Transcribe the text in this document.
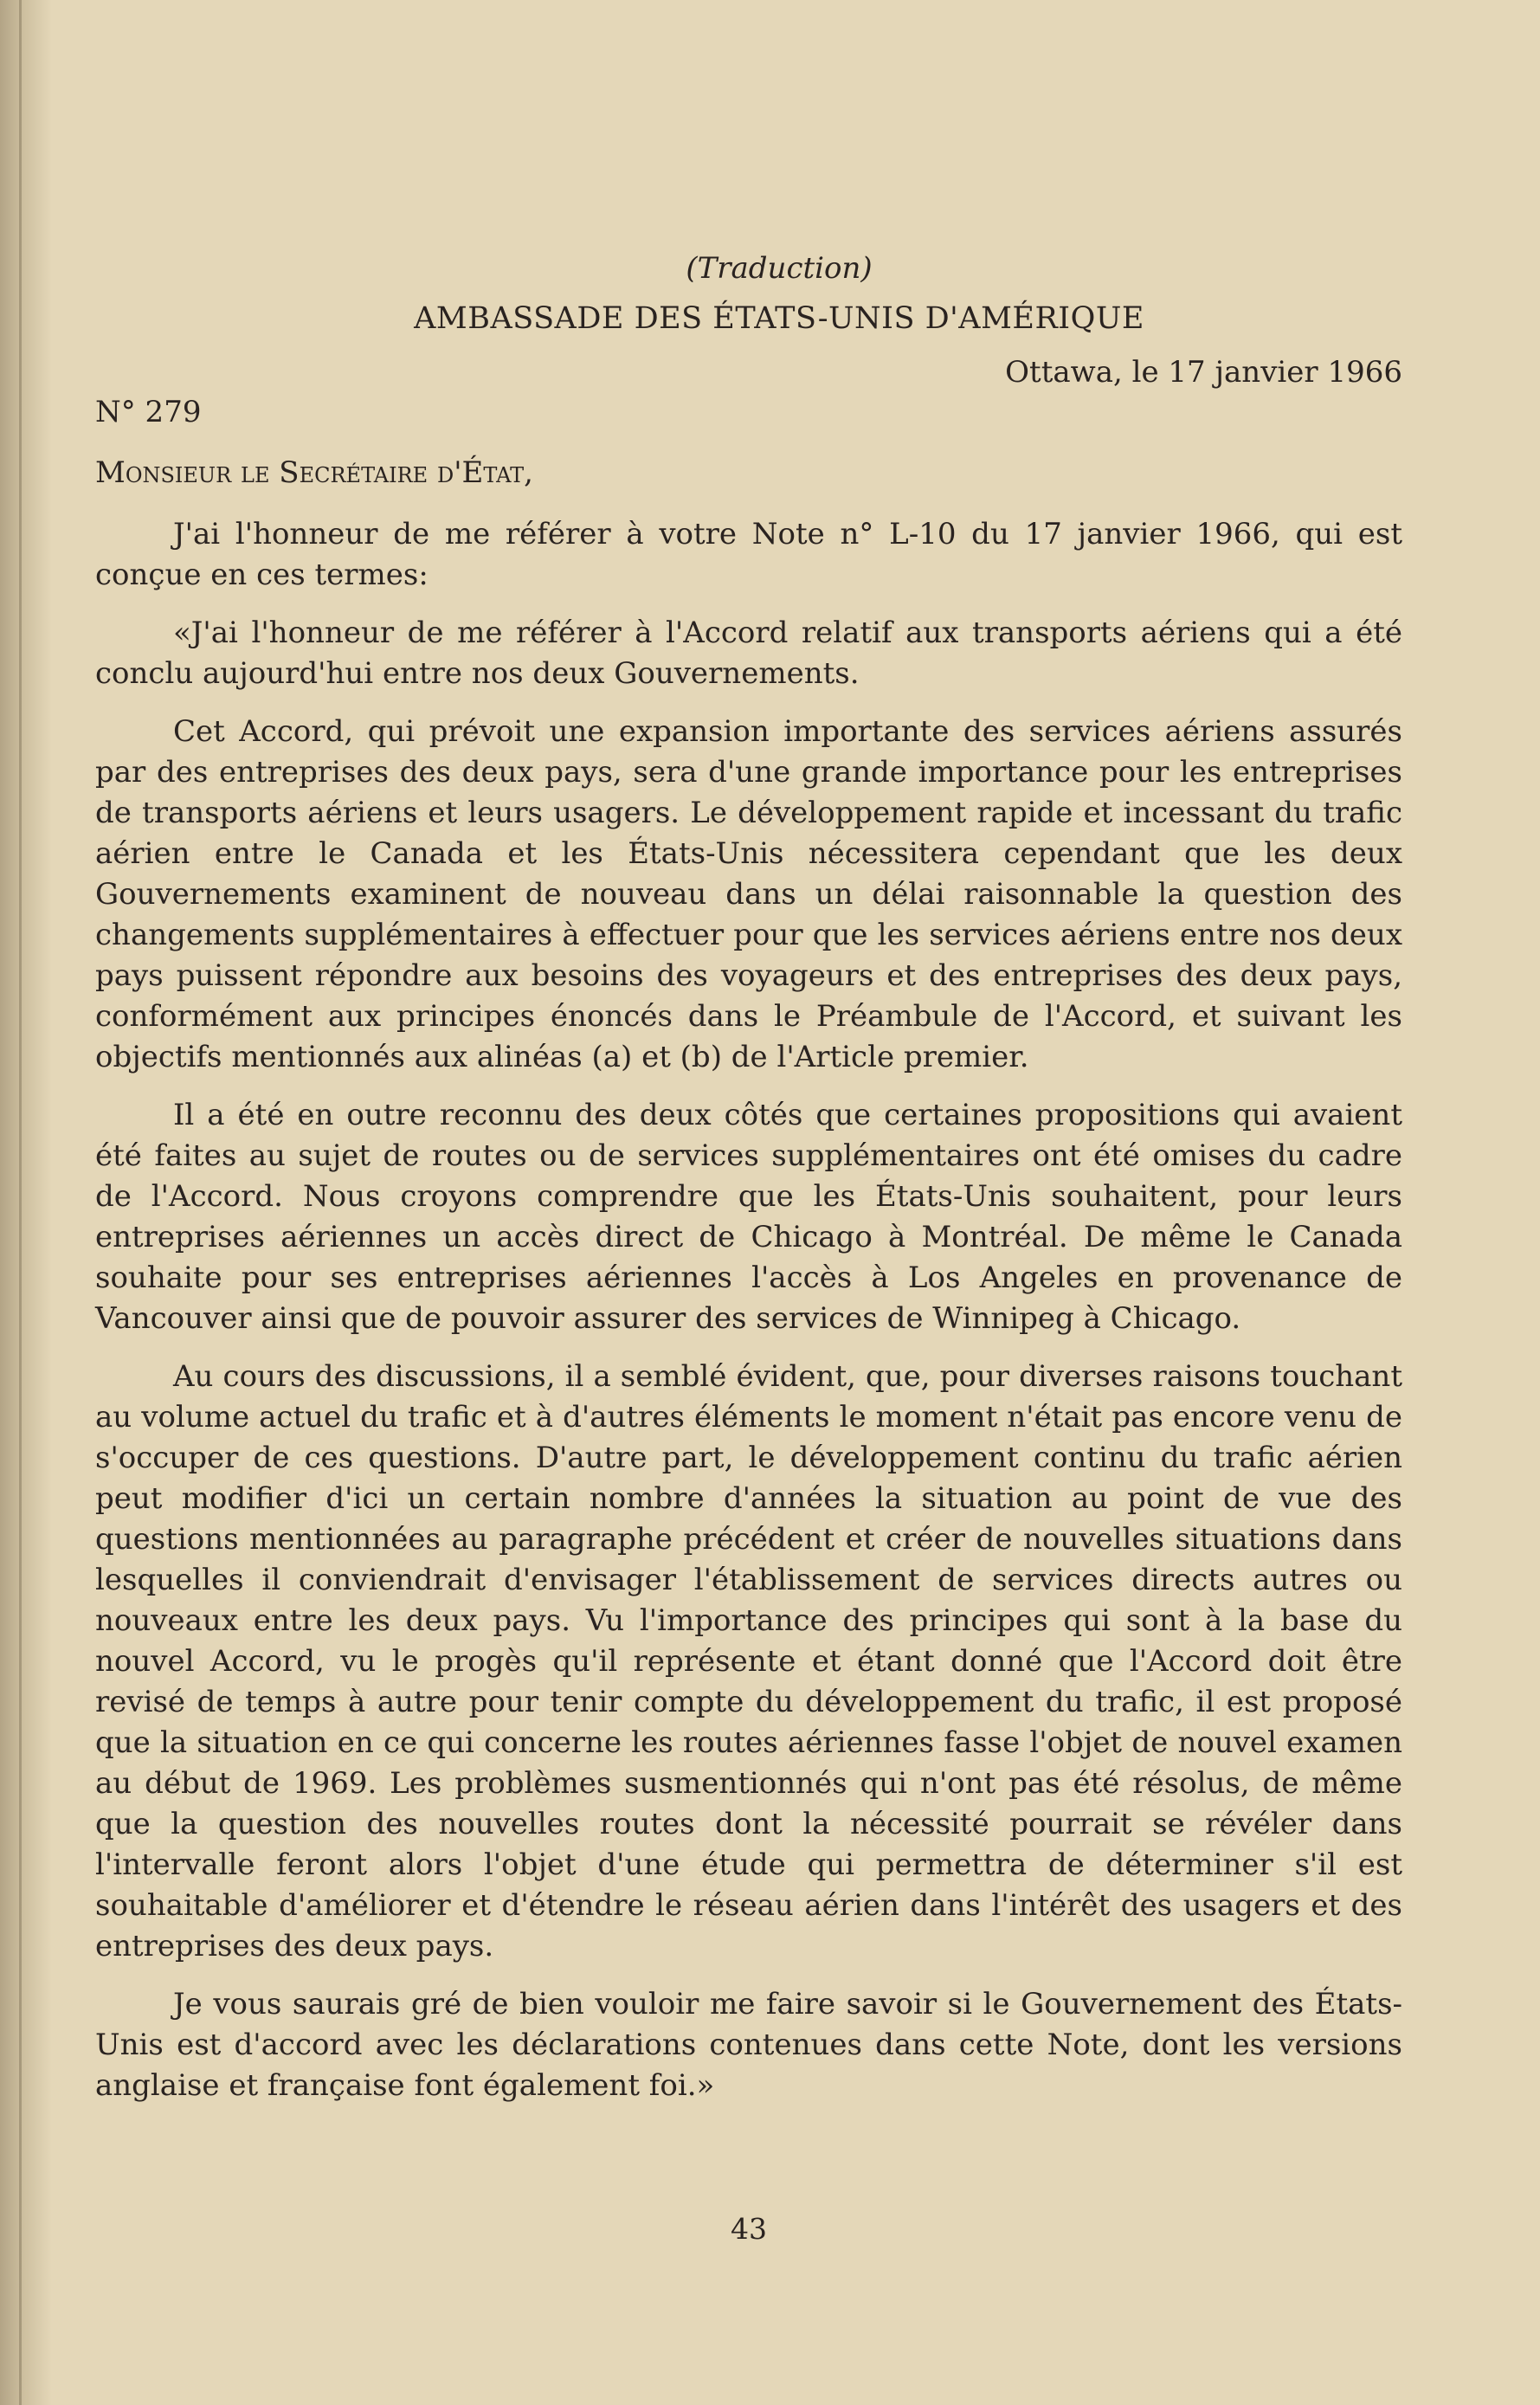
(Traduction)

AMBASSADE DES ÉTATS-UNIS D'AMÉRIQUE

Ottawa, le 17 janvier 1966

N° 279

Monsieur le Secrétaire d'État,

J'ai l'honneur de me référer à votre Note n° L-10 du 17 janvier 1966, qui est conçue en ces termes:

«J'ai l'honneur de me référer à l'Accord relatif aux transports aériens qui a été conclu aujourd'hui entre nos deux Gouvernements.

Cet Accord, qui prévoit une expansion importante des services aériens assurés par des entreprises des deux pays, sera d'une grande importance pour les entreprises de transports aériens et leurs usagers. Le développement rapide et incessant du trafic aérien entre le Canada et les États-Unis nécessitera cependant que les deux Gouvernements examinent de nouveau dans un délai raisonnable la question des changements supplémentaires à effectuer pour que les services aériens entre nos deux pays puissent répondre aux besoins des voyageurs et des entreprises des deux pays, conformément aux principes énoncés dans le Préambule de l'Accord, et suivant les objectifs mentionnés aux alinéas (a) et (b) de l'Article premier.

Il a été en outre reconnu des deux côtés que certaines propositions qui avaient été faites au sujet de routes ou de services supplémentaires ont été omises du cadre de l'Accord. Nous croyons comprendre que les États-Unis souhaitent, pour leurs entreprises aériennes un accès direct de Chicago à Montréal. De même le Canada souhaite pour ses entreprises aériennes l'accès à Los Angeles en provenance de Vancouver ainsi que de pouvoir assurer des services de Winnipeg à Chicago.

Au cours des discussions, il a semblé évident, que, pour diverses raisons touchant au volume actuel du trafic et à d'autres éléments le moment n'était pas encore venu de s'occuper de ces questions. D'autre part, le développement continu du trafic aérien peut modifier d'ici un certain nombre d'années la situation au point de vue des questions mentionnées au paragraphe précédent et créer de nouvelles situations dans lesquelles il conviendrait d'envisager l'établissement de services directs autres ou nouveaux entre les deux pays. Vu l'importance des principes qui sont à la base du nouvel Accord, vu le progès qu'il représente et étant donné que l'Accord doit être revisé de temps à autre pour tenir compte du développement du trafic, il est proposé que la situation en ce qui concerne les routes aériennes fasse l'objet de nouvel examen au début de 1969. Les problèmes susmentionnés qui n'ont pas été résolus, de même que la question des nouvelles routes dont la nécessité pourrait se révéler dans l'intervalle feront alors l'objet d'une étude qui permettra de déterminer s'il est souhaitable d'améliorer et d'étendre le réseau aérien dans l'intérêt des usagers et des entreprises des deux pays.

Je vous saurais gré de bien vouloir me faire savoir si le Gouvernement des États-Unis est d'accord avec les déclarations contenues dans cette Note, dont les versions anglaise et française font également foi.»

43
